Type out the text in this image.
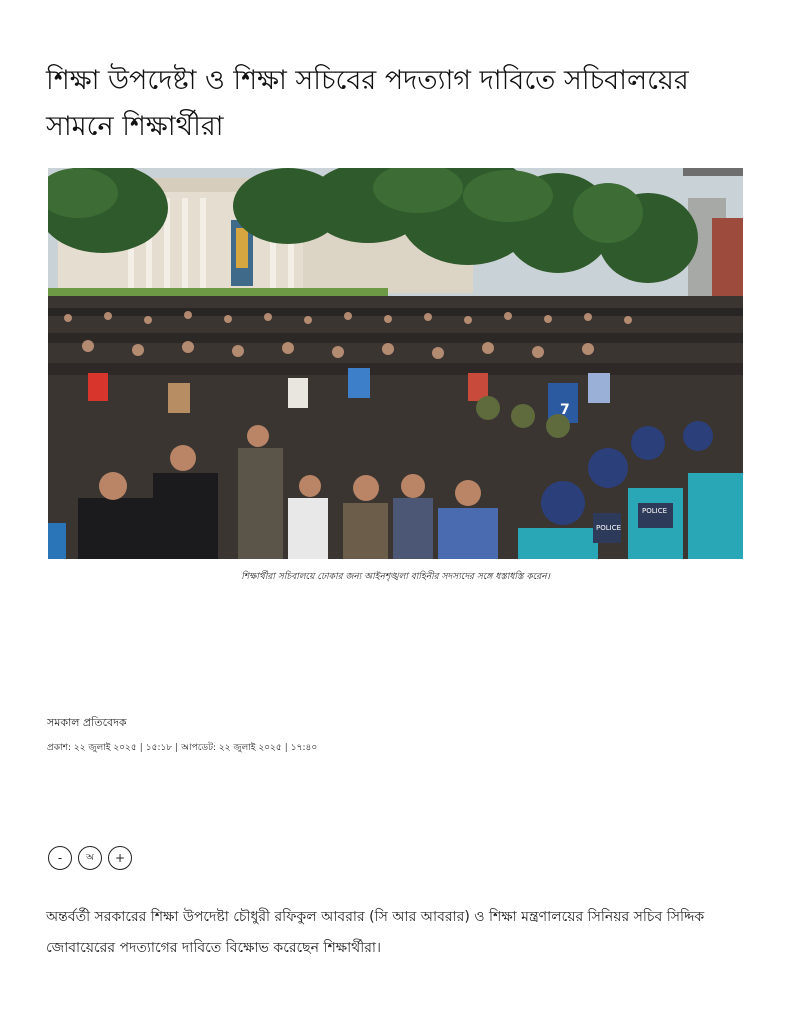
শিক্ষা উপদেষ্টা ও শিক্ষা সচিবের পদত্যাগ দাবিতে সচিবালয়ের সামনে শিক্ষার্থীরা
POLICE
POLICE
7

শিক্ষার্থীরা সচিবালয়ে ঢোকার জন্য আইনশৃঙ্খলা বাহিনীর সদস্যদের সঙ্গে ধস্তাধস্তি করেন।

সমকাল প্রতিবেদক
প্রকাশ: ২২ জুলাই ২০২৫ | ১৫:১৮ | আপডেট: ২২ জুলাই ২০২৫ | ১৭:৪০
-	অ	+

অন্তর্বর্তী সরকারের শিক্ষা উপদেষ্টা চৌধুরী রফিকুল আবরার (সি আর আবরার) ও শিক্ষা মন্ত্রণালয়ের সিনিয়র সচিব সিদ্দিক জোবায়েরের পদত্যাগের দাবিতে বিক্ষোভ করেছেন শিক্ষার্থীরা।
